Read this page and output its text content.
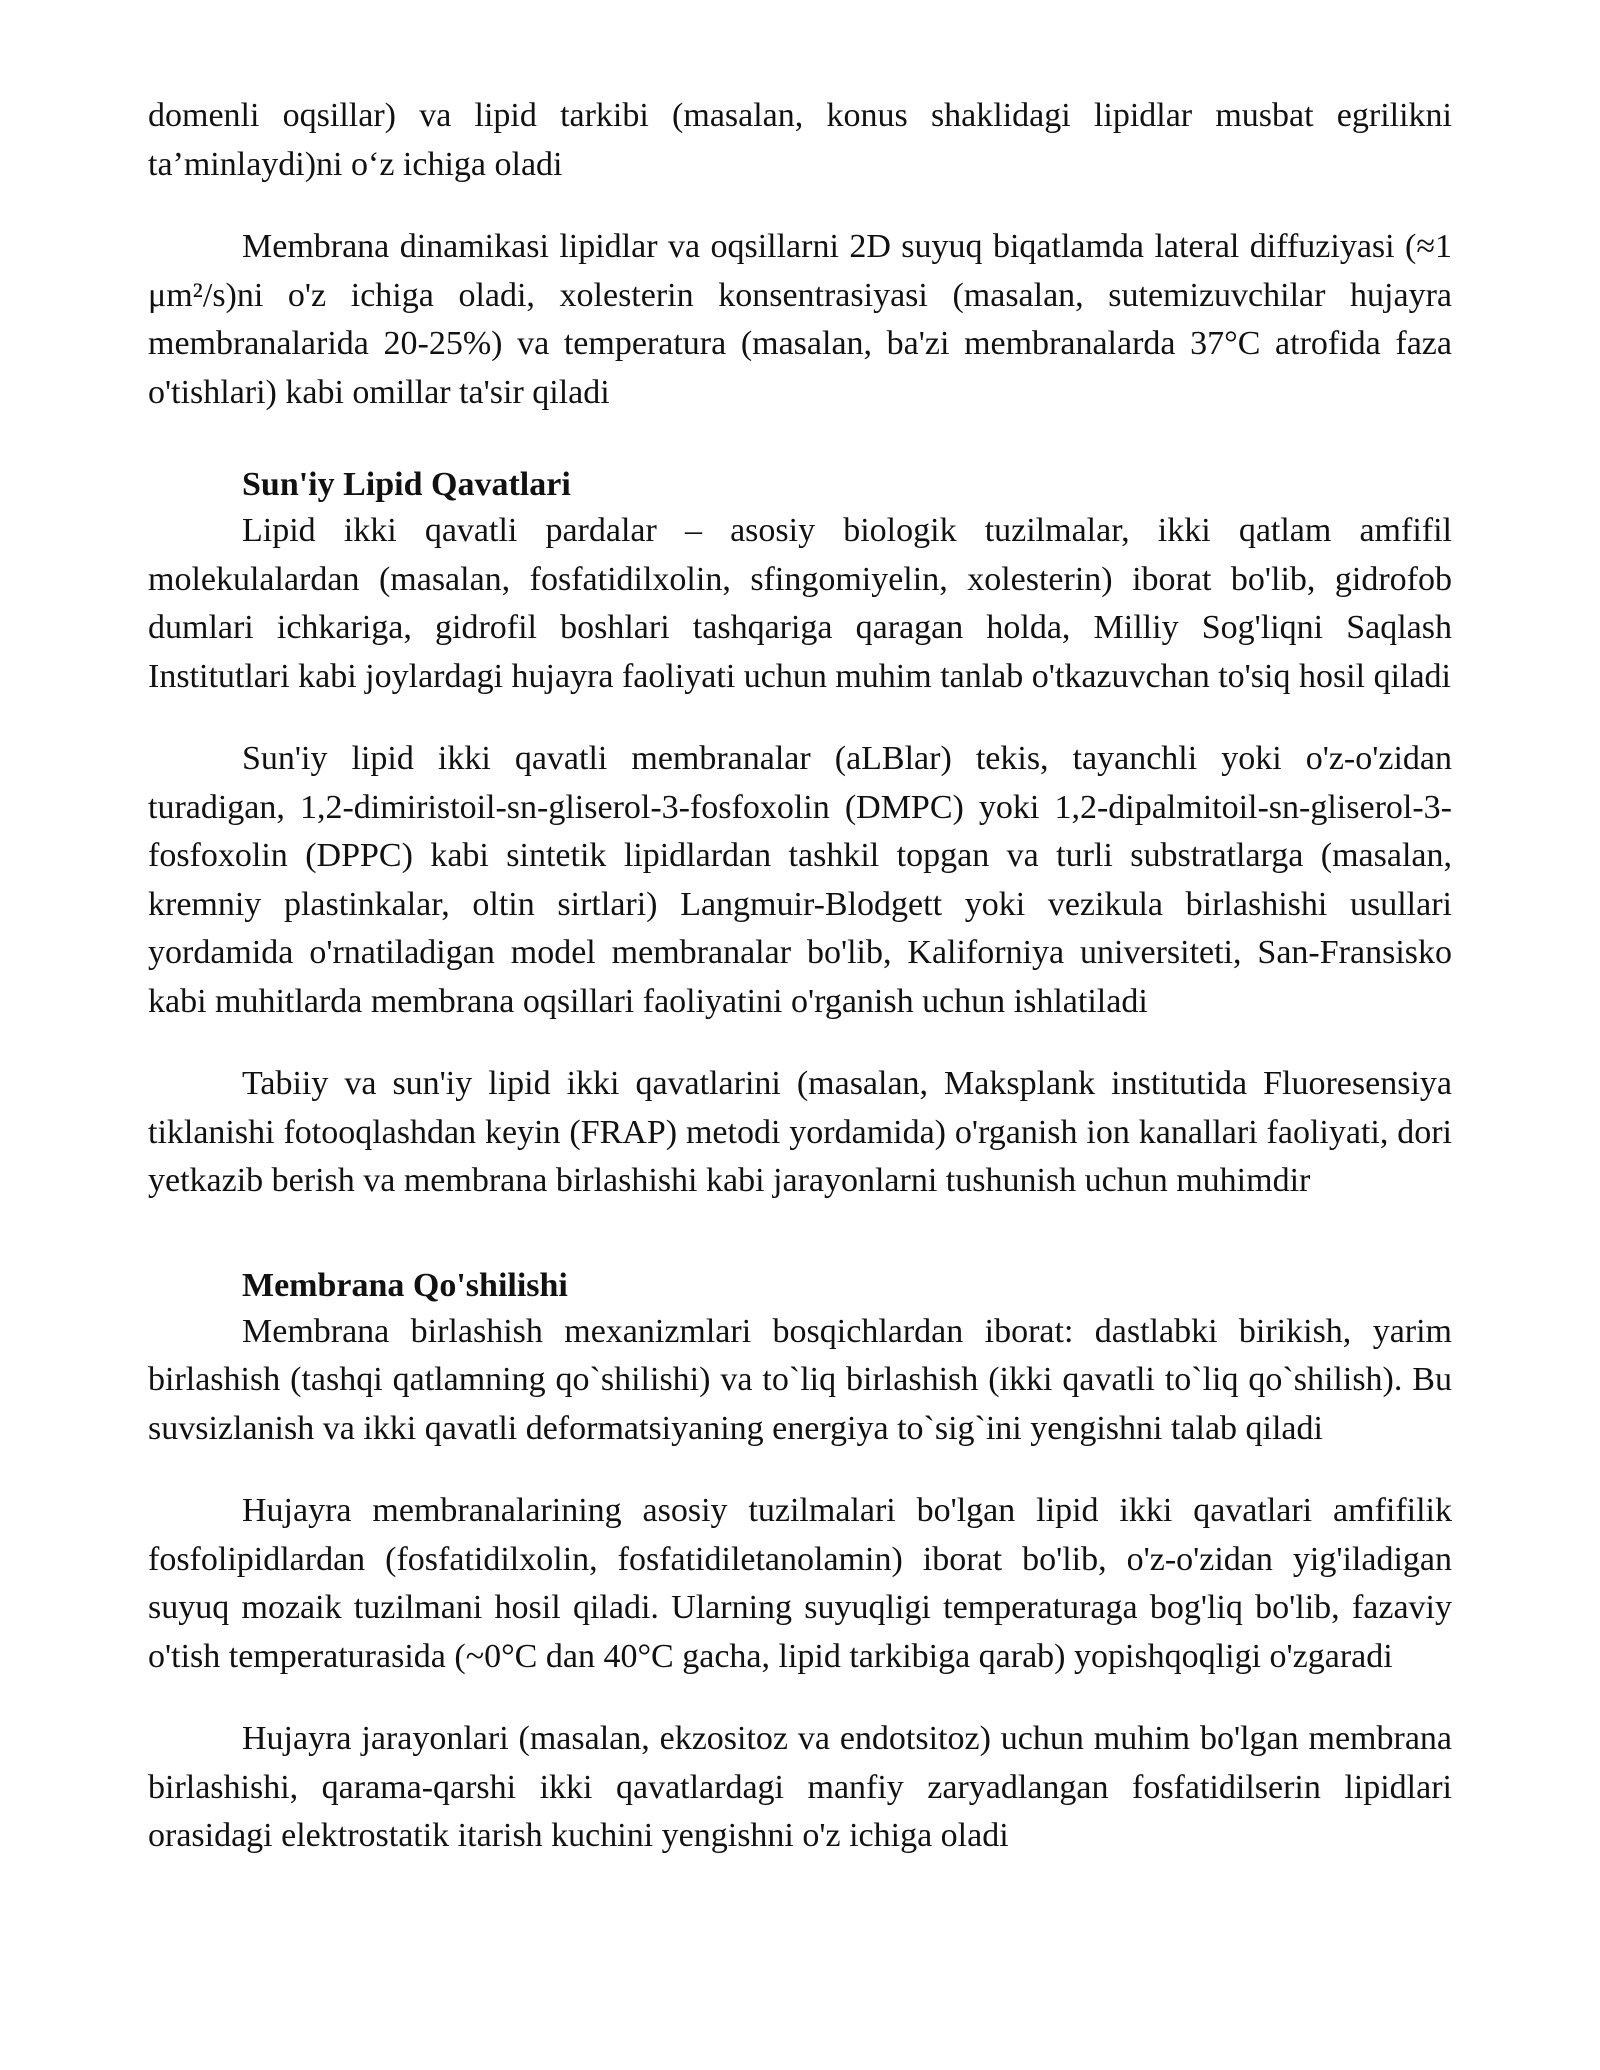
domenli oqsillar) va lipid tarkibi (masalan, konus shaklidagi lipidlar musbat egrilikni ta’minlaydi)ni o‘z ichiga oladi

Membrana dinamikasi lipidlar va oqsillarni 2D suyuq biqatlamda lateral diffuziyasi (≈1 μm²/s)ni o'z ichiga oladi, xolesterin konsentrasiyasi (masalan, sutemizuvchilar hujayra membranalarida 20-25%) va temperatura (masalan, ba'zi membranalarda 37°C atrofida faza o'tishlari) kabi omillar ta'sir qiladi

Sun'iy Lipid Qavatlari

Lipid ikki qavatli pardalar – asosiy biologik tuzilmalar, ikki qatlam amfifil molekulalardan (masalan, fosfatidilxolin, sfingomiyelin, xolesterin) iborat bo'lib, gidrofob dumlari ichkariga, gidrofil boshlari tashqariga qaragan holda, Milliy Sog'liqni Saqlash Institutlari kabi joylardagi hujayra faoliyati uchun muhim tanlab o'tkazuvchan to'siq hosil qiladi

Sun'iy lipid ikki qavatli membranalar (aLBlar) tekis, tayanchli yoki o'z-o'zidan turadigan, 1,2-dimiristoil-sn-gliserol-3-fosfoxolin (DMPC) yoki 1,2-dipalmitoil-sn-gliserol-3-fosfoxolin (DPPC) kabi sintetik lipidlardan tashkil topgan va turli substratlarga (masalan, kremniy plastinkalar, oltin sirtlari) Langmuir-Blodgett yoki vezikula birlashishi usullari yordamida o'rnatiladigan model membranalar bo'lib, Kaliforniya universiteti, San-Fransisko kabi muhitlarda membrana oqsillari faoliyatini o'rganish uchun ishlatiladi

Tabiiy va sun'iy lipid ikki qavatlarini (masalan, Maksplank institutida Fluoresensiya tiklanishi fotooqlashdan keyin (FRAP) metodi yordamida) o'rganish ion kanallari faoliyati, dori yetkazib berish va membrana birlashishi kabi jarayonlarni tushunish uchun muhimdir

Membrana Qo'shilishi

Membrana birlashish mexanizmlari bosqichlardan iborat: dastlabki birikish, yarim birlashish (tashqi qatlamning qo`shilishi) va to`liq birlashish (ikki qavatli to`liq qo`shilish). Bu suvsizlanish va ikki qavatli deformatsiyaning energiya to`sig`ini yengishni talab qiladi

Hujayra membranalarining asosiy tuzilmalari bo'lgan lipid ikki qavatlari amfifilik fosfolipidlardan (fosfatidilxolin, fosfatidiletanolamin) iborat bo'lib, o'z-o'zidan yig'iladigan suyuq mozaik tuzilmani hosil qiladi. Ularning suyuqligi temperaturaga bog'liq bo'lib, fazaviy o'tish temperaturasida (~0°C dan 40°C gacha, lipid tarkibiga qarab) yopishqoqligi o'zgaradi

Hujayra jarayonlari (masalan, ekzositoz va endotsitoz) uchun muhim bo'lgan membrana birlashishi, qarama-qarshi ikki qavatlardagi manfiy zaryadlangan fosfatidilserin lipidlari orasidagi elektrostatik itarish kuchini yengishni o'z ichiga oladi
